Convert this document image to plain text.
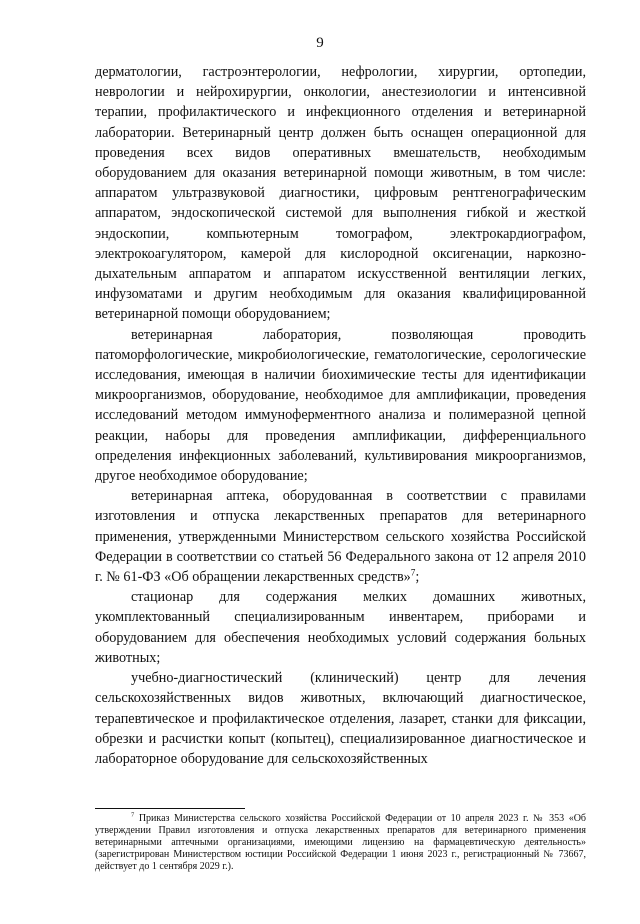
9

дерматологии, гастроэнтерологии, нефрологии, хирургии, ортопедии, неврологии и нейрохирургии, онкологии, анестезиологии и интенсивной терапии, профилактического и инфекционного отделения и ветеринарной лаборатории. Ветеринарный центр должен быть оснащен операционной для проведения всех видов оперативных вмешательств, необходимым оборудованием для оказания ветеринарной помощи животным, в том числе: аппаратом ультразвуковой диагностики, цифровым рентгенографическим аппаратом, эндоскопической системой для выполнения гибкой и жесткой эндоскопии, компьютерным томографом, электрокардиографом, электрокоагулятором, камерой для кислородной оксигенации, наркозно-дыхательным аппаратом и аппаратом искусственной вентиляции легких, инфузоматами и другим необходимым для оказания квалифицированной ветеринарной помощи оборудованием;

ветеринарная лаборатория, позволяющая проводить патоморфологические, микробиологические, гематологические, серологические исследования, имеющая в наличии биохимические тесты для идентификации микроорганизмов, оборудование, необходимое для амплификации, проведения исследований методом иммуноферментного анализа и полимеразной цепной реакции, наборы для проведения амплификации, дифференциального определения инфекционных заболеваний, культивирования микроорганизмов, другое необходимое оборудование;

ветеринарная аптека, оборудованная в соответствии с правилами изготовления и отпуска лекарственных препаратов для ветеринарного применения, утвержденными Министерством сельского хозяйства Российской Федерации в соответствии со статьей 56 Федерального закона от 12 апреля 2010 г. № 61-ФЗ «Об обращении лекарственных средств»$^7$;

стационар для содержания мелких домашних животных, укомплектованный специализированным инвентарем, приборами и оборудованием для обеспечения необходимых условий содержания больных животных;

учебно-диагностический (клинический) центр для лечения сельскохозяйственных видов животных, включающий диагностическое, терапевтическое и профилактическое отделения, лазарет, станки для фиксации, обрезки и расчистки копыт (копытец), специализированное диагностическое и лабораторное оборудование для сельскохозяйственных

$^7$ Приказ Министерства сельского хозяйства Российской Федерации от 10 апреля 2023 г. № 353 «Об утверждении Правил изготовления и отпуска лекарственных препаратов для ветеринарного применения ветеринарными аптечными организациями, имеющими лицензию на фармацевтическую деятельность» (зарегистрирован Министерством юстиции Российской Федерации 1 июня 2023 г., регистрационный № 73667, действует до 1 сентября 2029 г.).
